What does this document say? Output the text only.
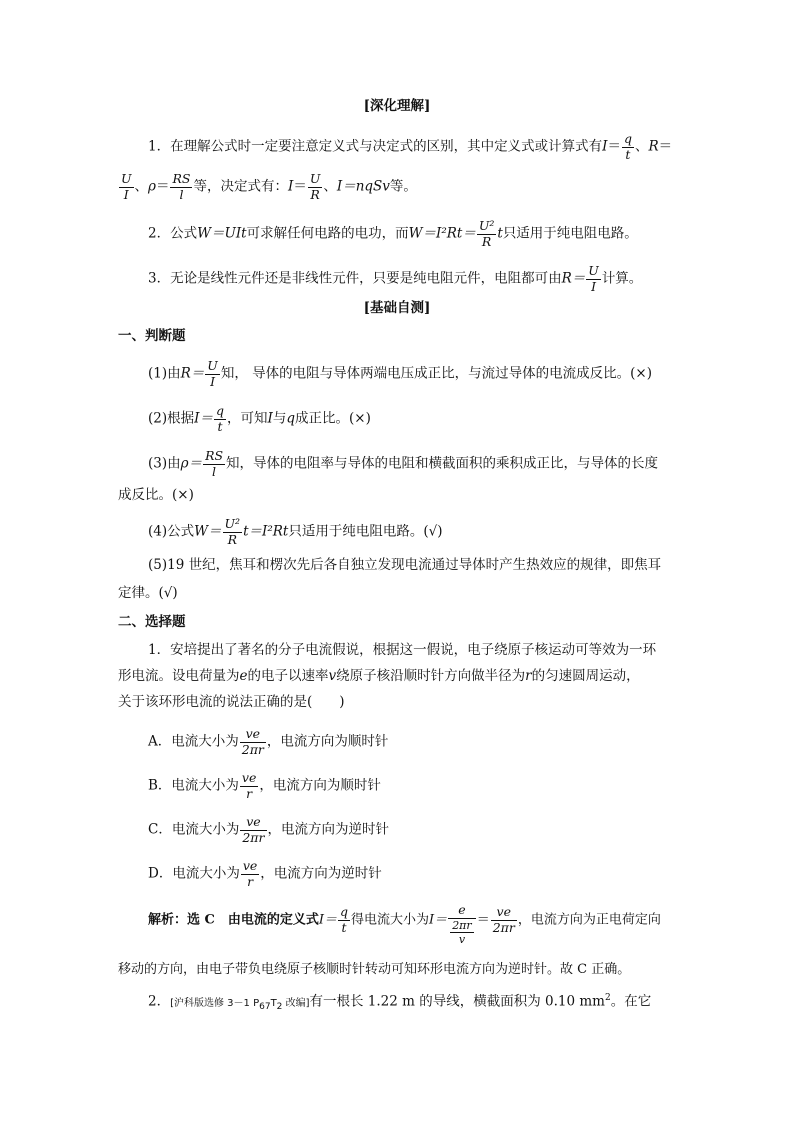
[深化理解]
1．在理解公式时一定要注意定义式与决定式的区别，其中定义式或计算式有$I= \frac{q}{t}$ 、R＝
$\frac{U}{I}$ 、$\rho= \frac{RS}{l}$ 等，决定式有：$I= \frac{U}{R}$ 、I＝nqSv等。
2．公式W＝UIt可求解任何电路的电功，而$W=I^2Rt= \frac{\text{U²}}{R}$ t只适用于纯电阻电路。
3．无论是线性元件还是非线性元件，只要是纯电阻元件，电阻都可由$R= \frac{U}{I}$ 计算。
[基础自测]
一、判断题
(1)由$R= \frac{U}{I}$ 知， 导体的电阻与导体两端电压成正比，与流过导体的电流成反比。(×)
(2)根据$I= \frac{q}{t}$ ，可知I与q成正比。(×)
(3)由$\rho= \frac{RS}{l}$ 知，导体的电阻率与导体的电阻和横截面积的乘积成正比，与导体的长度
成反比。(×)
(4)公式$W= \frac{\text{U²}}{R} t=I^2Rt$只适用于纯电阻电路。(√)
(5)19 世纪，焦耳和楞次先后各自独立发现电流通过导体时产生热效应的规律，即焦耳
定律。(√)
二、选择题
1．安培提出了著名的分子电流假说，根据这一假说，电子绕原子核运动可等效为一环
形电流。设电荷量为e的电子以速率v绕原子核沿顺时针方向做半径为r的匀速圆周运动，
关于该环形电流的说法正确的是(　　)
A．电流大小为 $\frac{ve}{2\pi r}$ ，电流方向为顺时针
B．电流大小为 $\frac{ve}{r}$ ，电流方向为顺时针
C．电流大小为 $\frac{ve}{2\pi r}$ ，电流方向为逆时针
D．电流大小为 $\frac{ve}{r}$ ，电流方向为逆时针
解析：选 C　由电流的定义式$I= \frac{q}{t}$ 得电流大小为$I= \frac{e}{\frac{2\pi r}{v}} = \frac{ve}{2\pi r}$ ，电流方向为正电荷定向
移动的方向，由电子带负电绕原子核顺时针转动可知环形电流方向为逆时针。故 C 正确。
2．[沪科版选修 3－1 $P_{67}T_2$ 改编]有一根长 1.22 m 的导线，横截面积为 0.10 $mm^2$。在它
